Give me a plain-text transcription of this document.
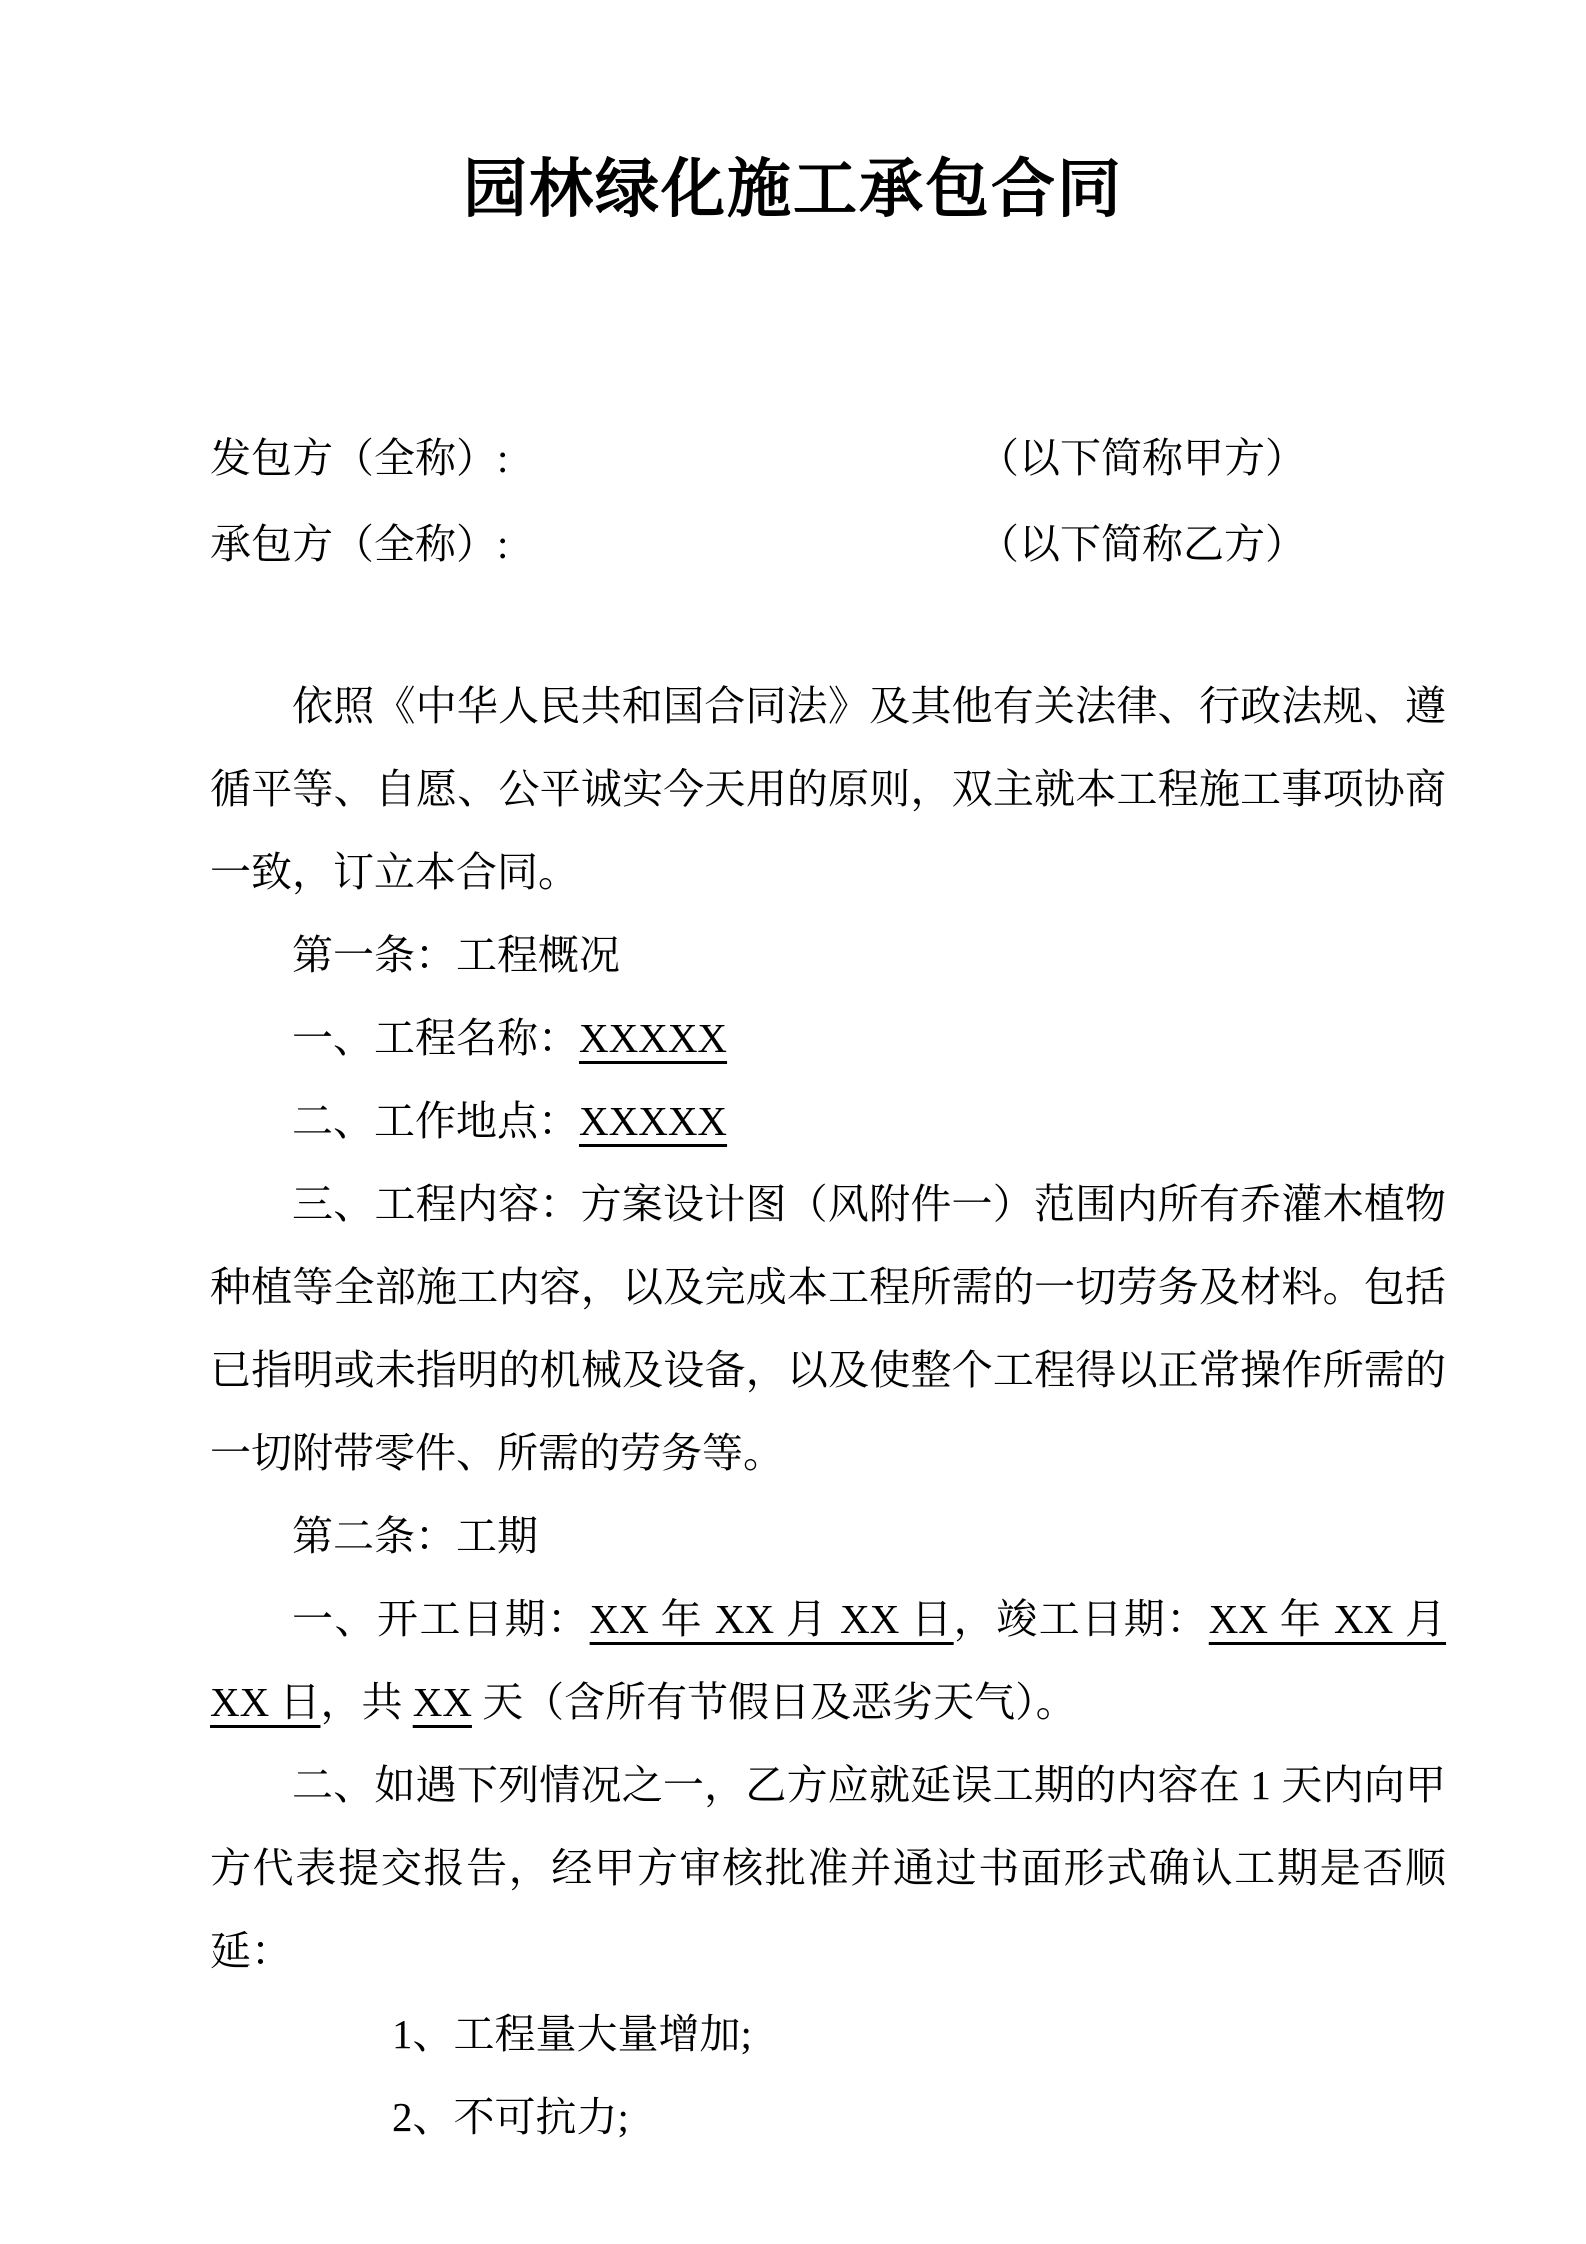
园林绿化施工承包合同
发包方（全称）:	（以下简称甲方）
承包方（全称）:	（以下简称乙方）

依照《中华人民共和国合同法》及其他有关法律、行政法规、遵循平等、自愿、公平诚实今天用的原则，双主就本工程施工事项协商一致，订立本合同。

第一条：工程概况

一、工程名称：XXXXX

二、工作地点：XXXXX

三、工程内容：方案设计图（风附件一）范围内所有乔灌木植物种植等全部施工内容，以及完成本工程所需的一切劳务及材料。包括已指明或未指明的机械及设备，以及使整个工程得以正常操作所需的一切附带零件、所需的劳务等。

第二条：工期

一、开工日期：XX 年 XX 月 XX 日，竣工日期：XX 年 XX 月 XX 日，共 XX 天（含所有节假日及恶劣天气）。

二、如遇下列情况之一，乙方应就延误工期的内容在 1 天内向甲方代表提交报告，经甲方审核批准并通过书面形式确认工期是否顺延：

1、工程量大量增加;

2、不可抗力;
